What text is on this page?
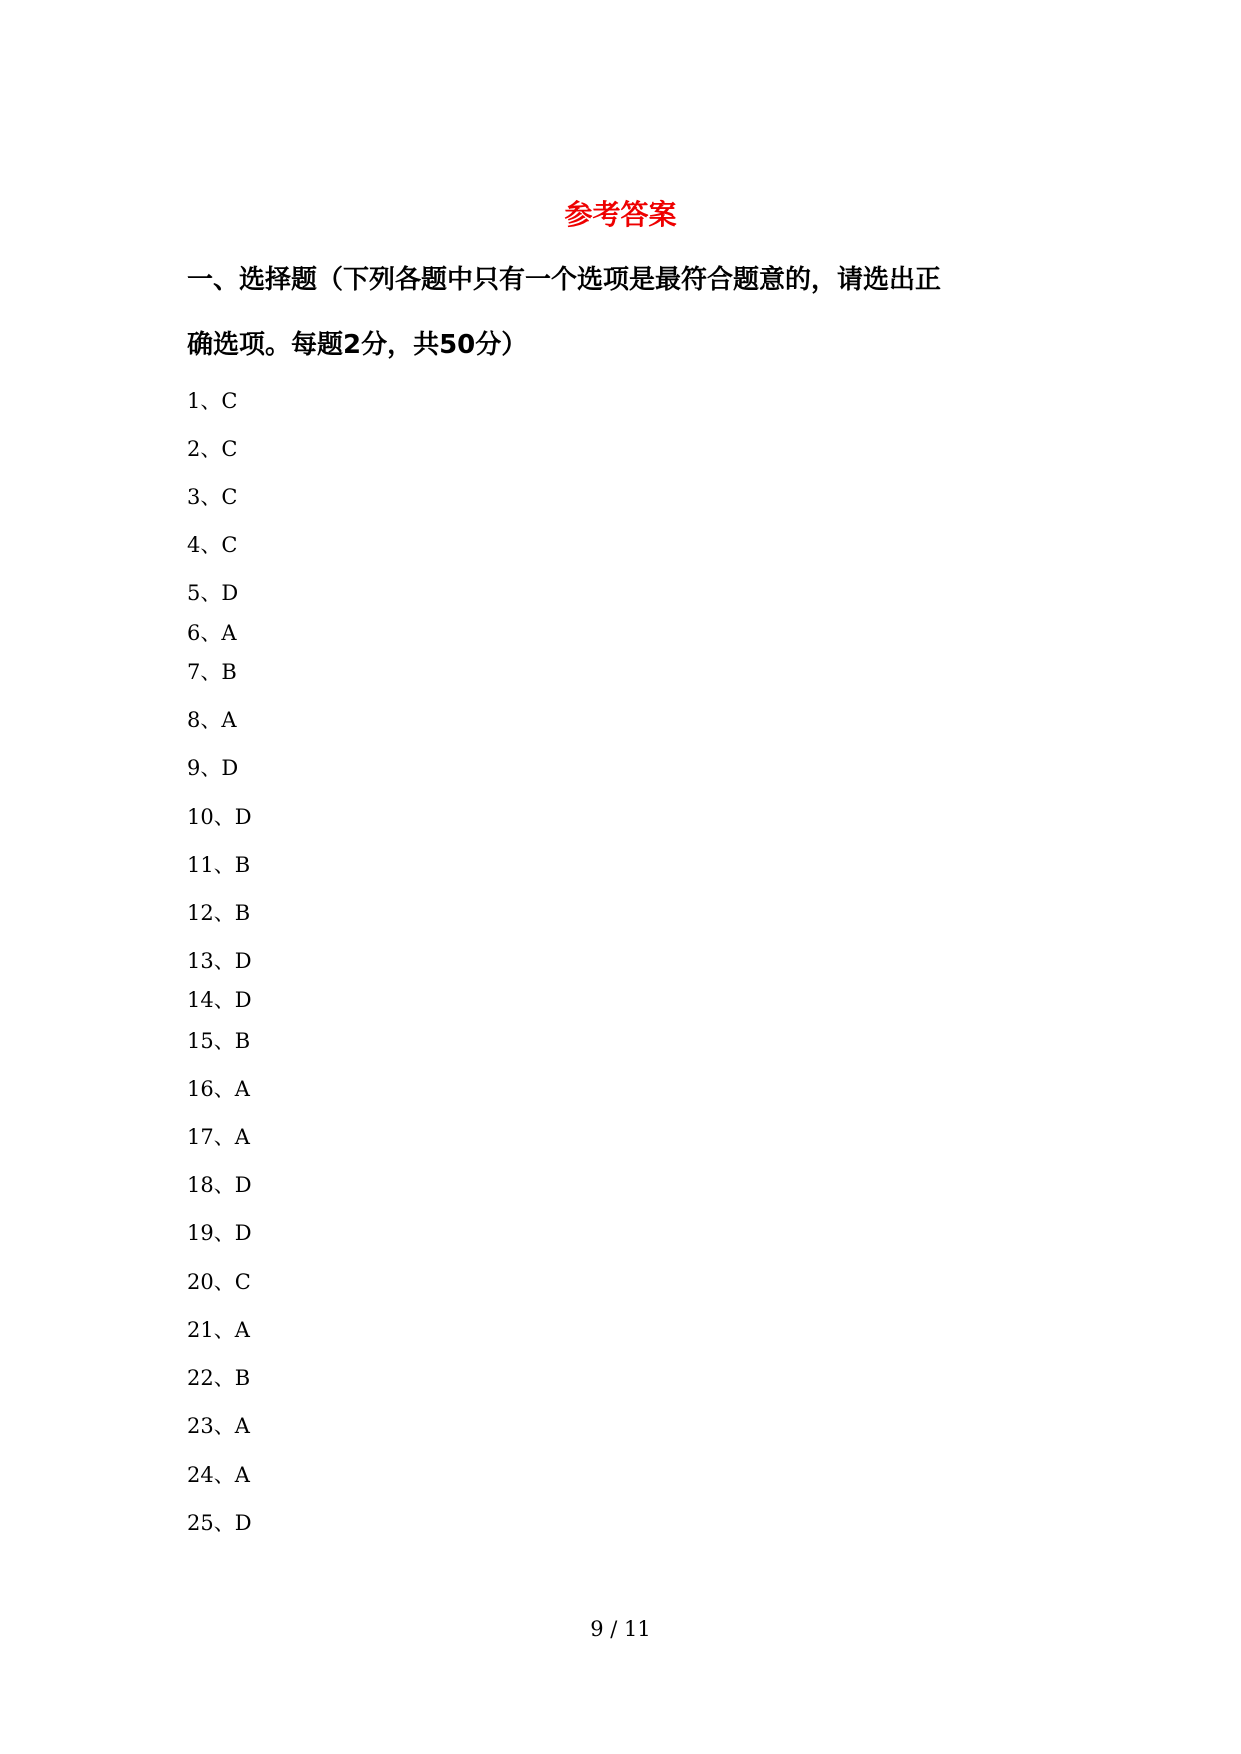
参考答案
一、选择题（下列各题中只有一个选项是最符合题意的，请选出正
确选项。每题2分，共50分）
1、C
2、C
3、C
4、C
5、D
6、A
7、B
8、A
9、D
10、D
11、B
12、B
13、D
14、D
15、B
16、A
17、A
18、D
19、D
20、C
21、A
22、B
23、A
24、A
25、D
9 / 11
